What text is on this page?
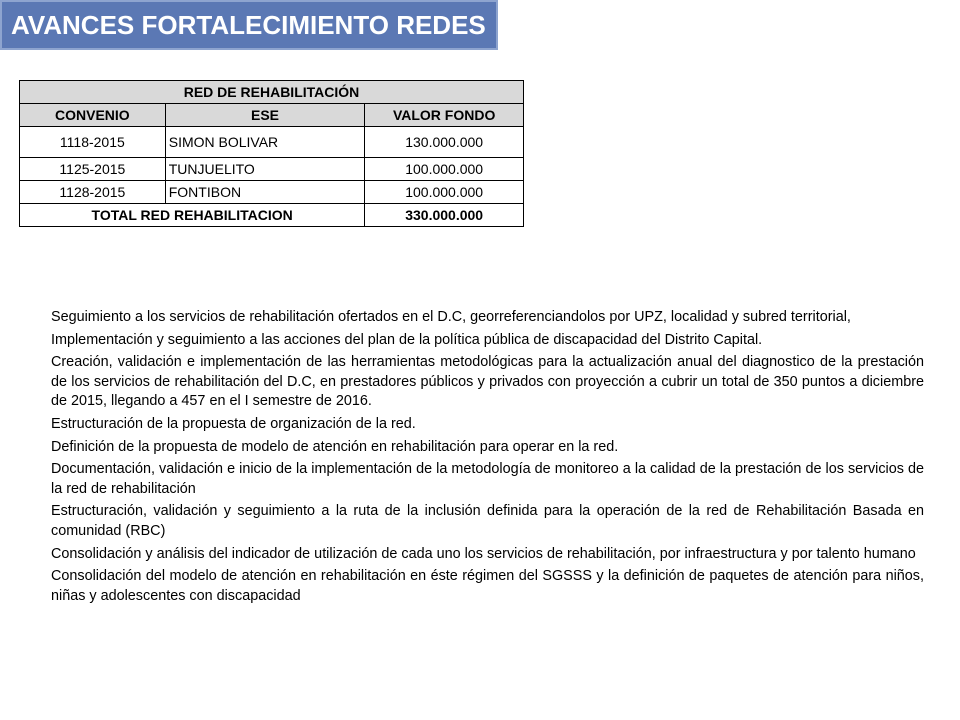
AVANCES FORTALECIMIENTO REDES
RED DE REHABILITACIÓN		
CONVENIO	ESE	VALOR FONDO
1118-2015	SIMON BOLIVAR	130.000.000
1125-2015	TUNJUELITO	100.000.000
1128-2015	FONTIBON	100.000.000
TOTAL RED REHABILITACION		330.000.000

Seguimiento a los servicios de rehabilitación ofertados en el D.C, georreferenciandolos por UPZ, localidad y subred territorial,

Implementación y seguimiento a las acciones del plan de la política pública de discapacidad del Distrito Capital.

Creación, validación e implementación de las herramientas metodológicas para la actualización anual del diagnostico de la prestación de los servicios de rehabilitación del D.C, en prestadores públicos y privados con proyección a cubrir un total de 350 puntos a diciembre de 2015, llegando a 457 en el I semestre de 2016.

Estructuración de la propuesta de organización de la red.

Definición de la propuesta de modelo de atención en rehabilitación para operar en la red.

Documentación, validación e inicio de la implementación de la metodología de monitoreo a la calidad de la prestación de los servicios de la red de rehabilitación

Estructuración, validación y seguimiento a la ruta de la inclusión definida para la operación de la red de Rehabilitación Basada en comunidad (RBC)

Consolidación y análisis del indicador de utilización de cada uno los servicios de rehabilitación, por infraestructura y por talento humano

Consolidación del modelo de atención en rehabilitación en éste régimen del SGSSS y la definición de paquetes de atención para niños, niñas y adolescentes con discapacidad
